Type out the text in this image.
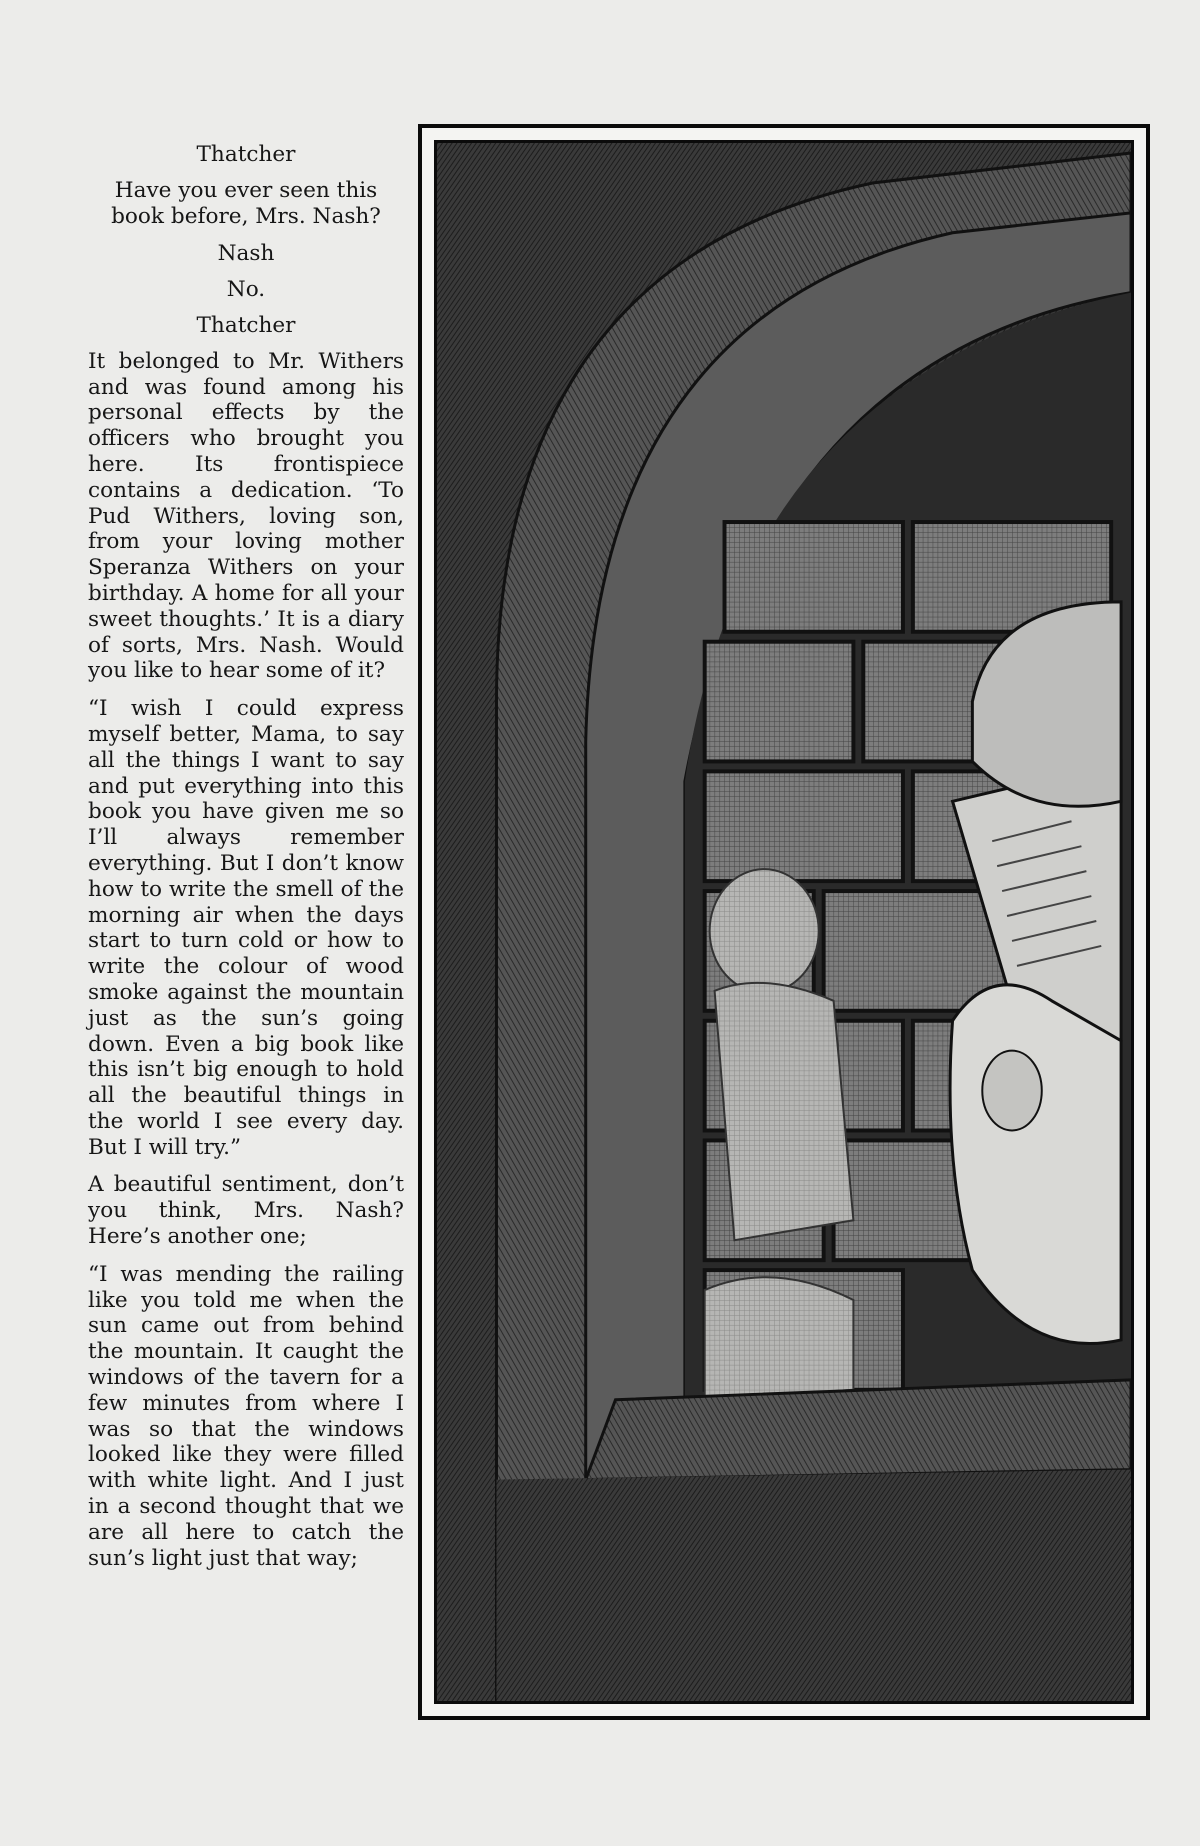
Thatcher

Have you ever seen this book before, Mrs. Nash?

Nash

No.

Thatcher

It belonged to Mr. Withers and was found among his personal effects by the officers who brought you here. Its frontispiece contains a dedication. ‘To Pud Withers, loving son, from your loving mother Speranza Withers on your birthday. A home for all your sweet thoughts.’ It is a diary of sorts, Mrs. Nash. Would you like to hear some of it?

“I wish I could express myself better, Mama, to say all the things I want to say and put everything into this book you have given me so I’ll always remember everything. But I don’t know how to write the smell of the morning air when the days start to turn cold or how to write the colour of wood smoke against the mountain just as the sun’s going down. Even a big book like this isn’t big enough to hold all the beautiful things in the world I see every day. But I will try.”

A beautiful sentiment, don’t you think, Mrs. Nash? Here’s another one;

“I was mending the railing like you told me when the sun came out from behind the mountain. It caught the windows of the tavern for a few minutes from where I was so that the windows looked like they were filled with white light. And I just in a second thought that we are all here to catch the sun’s light just that way;
